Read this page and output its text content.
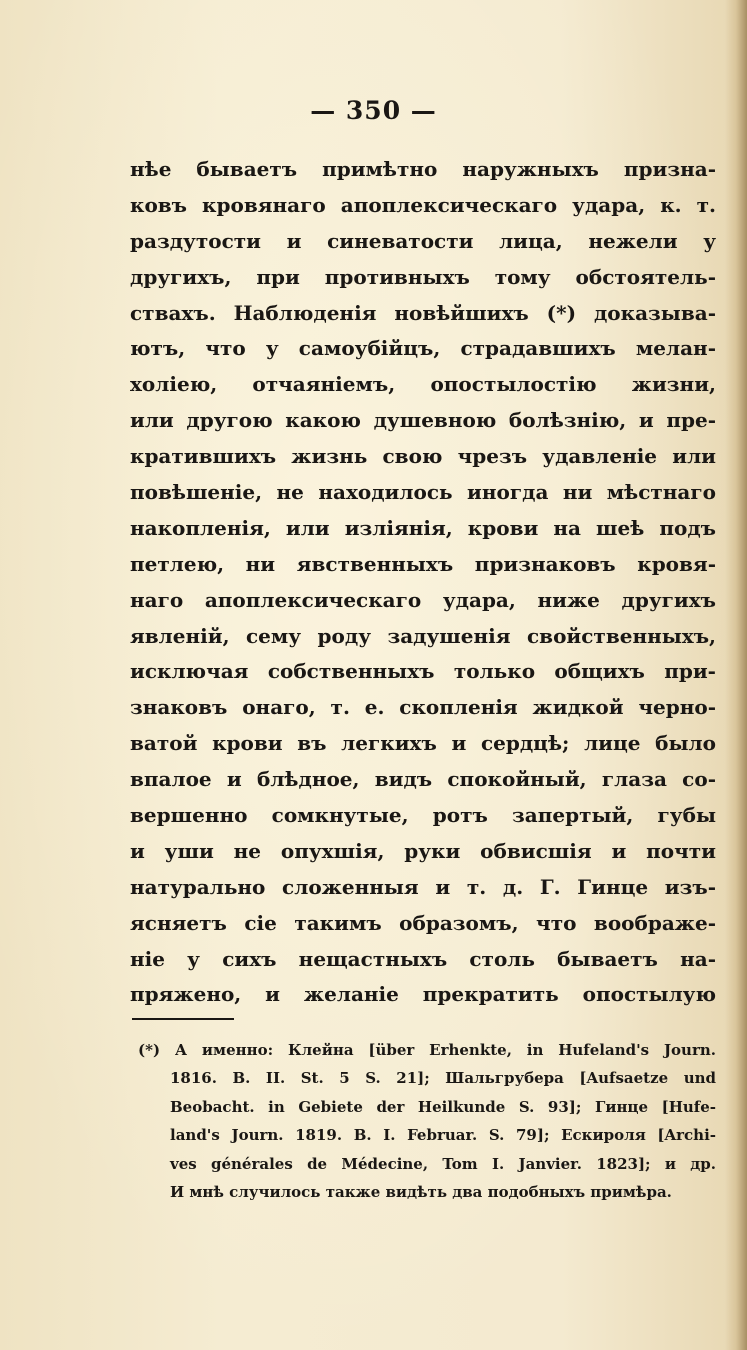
— 350 —
нѣе бываетъ примѣтно наружныхъ призна-
ковъ кровянаго апоплексическаго удара, к. т.
раздутости и синеватости лица, нежели у
другихъ, при противныхъ тому обстоятель-
ствахъ. Наблюденія новѣйшихъ (*) доказыва-
ютъ, что у самоубійцъ, страдавшихъ мелан-
холіею, отчаяніемъ, опостылостію жизни,
или другою какою душевною болѣзнію, и пре-
кратившихъ жизнь свою чрезъ удавленіе или
повѣшеніе, не находилось иногда ни мѣстнаго
накопленія, или изліянія, крови на шеѣ подъ
петлею, ни явственныхъ признаковъ кровя-
наго апоплексическаго удара, ниже другихъ
явленій, сему роду задушенія свойственныхъ,
исключая собственныхъ только общихъ при-
знаковъ онаго, т. е. скопленія жидкой черно-
ватой крови въ легкихъ и сердцѣ; лице было
впалое и блѣдное, видъ спокойный, глаза со-
вершенно сомкнутые, ротъ запертый, губы
и уши не опухшія, руки обвисшія и почти
натурально сложенныя и т. д. Г. Гинце изъ-
ясняетъ сіе такимъ образомъ, что воображе-
ніе у сихъ нещастныхъ столь бываетъ на-
пряжено, и желаніе прекратить опостылую
(*) А именно: Клейна [über Erhenkte, in Hufeland's Journ.
1816. B. II. St. 5 S. 21]; Шальгрубера [Aufsaetze und
Beobacht. in Gebiete der Heilkunde S. 93]; Гинце [Hufe-
land's Journ. 1819. B. I. Februar. S. 79]; Ескироля [Archi-
ves générales de Médecine, Tom I. Janvier. 1823]; и др.
И мнѣ случилось также видѣть два подобныхъ примѣра.
